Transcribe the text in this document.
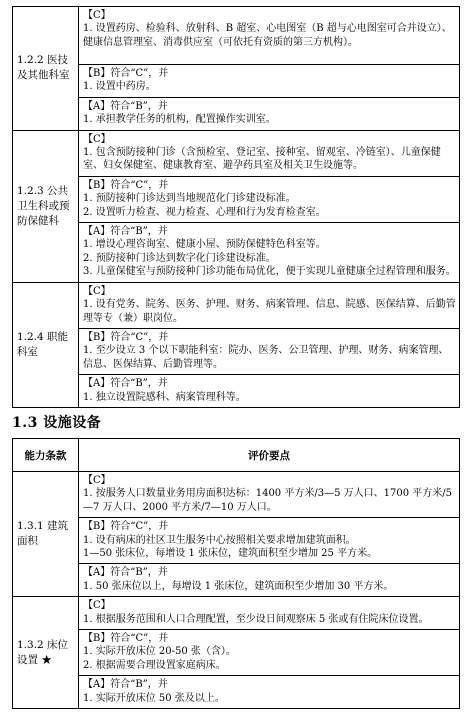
1.2.2 医技及其他科室	【C】
1. 设置药房、检验科、放射科、B 超室、心电图室（B 超与心电图室可合并设立）、健康信息管理室、消毒供应室（可依托有资质的第三方机构）。

	【B】符合“C”，并
1. 设置中药房。

	【A】符合“B”，并
1. 承担教学任务的机构，配置操作实训室。

1.2.3 公共卫生科或预防保健科	【C】
1. 包含预防接种门诊（含预检室、登记室、接种室、留观室、冷链室）、儿童保健室、妇女保健室、健康教育室、避孕药具室及相关卫生设施等。

	【B】符合“C”，并
1. 预防接种门诊达到当地规范化门诊建设标准。
2. 设置听力检查、视力检查、心理和行为发育检查室。

	【A】符合“B”，并
1. 增设心理咨询室、健康小屋、预防保健特色科室等。
2. 预防接种门诊达到数字化门诊建设标准。
3. 儿童保健室与预防接种门诊功能布局优化，便于实现儿童健康全过程管理和服务。

1.2.4 职能科室	【C】
1. 设有党务、院务、医务、护理、财务、病案管理、信息、院感、医保结算、后勤管理等专（兼）职岗位。

	【B】符合“C”，并
1. 至少设立 3 个以下职能科室：院办、医务、公卫管理、护理、财务、病案管理、信息、医保结算、后勤管理等。

	【A】符合“B”，并
1. 独立设置院感科、病案管理科等。
1.3 设施设备
能力条款	评价要点
1.3.1 建筑面积	【C】
1. 按服务人口数量业务用房面积达标：1400 平方米/3—5 万人口、1700 平方米/5—7 万人口、2000 平方米/7—10 万人口。

	【B】符合“C”，并
1. 设有病床的社区卫生服务中心按照相关要求增加建筑面积。
1—50 张床位，每增设 1 张床位，建筑面积至少增加 25 平方米。

	【A】符合“B”，并
1. 50 张床位以上，每增设 1 张床位，建筑面积至少增加 30 平方米。

1.3.2 床位设置 ★	【C】
1. 根据服务范围和人口合理配置，至少设日间观察床 5 张或有住院床位设置。

	【B】符合“C”，并
1. 实际开放床位 20-50 张（含）。
2. 根据需要合理设置家庭病床。

	【A】符合“B”，并
1. 实际开放床位 50 张及以上。
